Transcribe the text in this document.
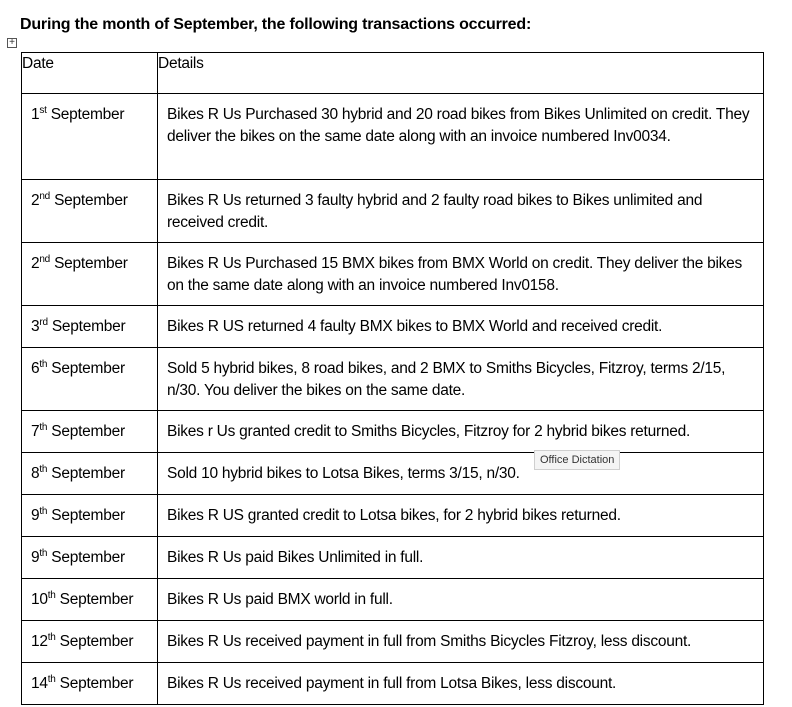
During the month of September, the following transactions occurred:
+
Date	Details
1st September	Bikes R Us Purchased 30 hybrid and 20 road bikes from Bikes Unlimited on credit. They deliver the bikes on the same date along with an invoice numbered Inv0034.
2nd September	Bikes R Us returned 3 faulty hybrid and 2 faulty road bikes to Bikes unlimited and received credit.
2nd September	Bikes R Us Purchased 15 BMX bikes from BMX World on credit. They deliver the bikes on the same date along with an invoice numbered Inv0158.
3rd September	Bikes R US returned 4 faulty BMX bikes to BMX World and received credit.
6th September	Sold 5 hybrid bikes, 8 road bikes, and 2 BMX to Smiths Bicycles, Fitzroy, terms 2/15, n/30. You deliver the bikes on the same date.
7th September	Bikes r Us granted credit to Smiths Bicycles, Fitzroy for 2 hybrid bikes returned.
8th September	Sold 10 hybrid bikes to Lotsa Bikes, terms 3/15, n/30.
9th September	Bikes R US granted credit to Lotsa bikes, for 2 hybrid bikes returned.
9th September	Bikes R Us paid Bikes Unlimited in full.
10th September	Bikes R Us paid BMX world in full.
12th September	Bikes R Us received payment in full from Smiths Bicycles Fitzroy, less discount.
14th September	Bikes R Us received payment in full from Lotsa Bikes, less discount.
Office Dictation
